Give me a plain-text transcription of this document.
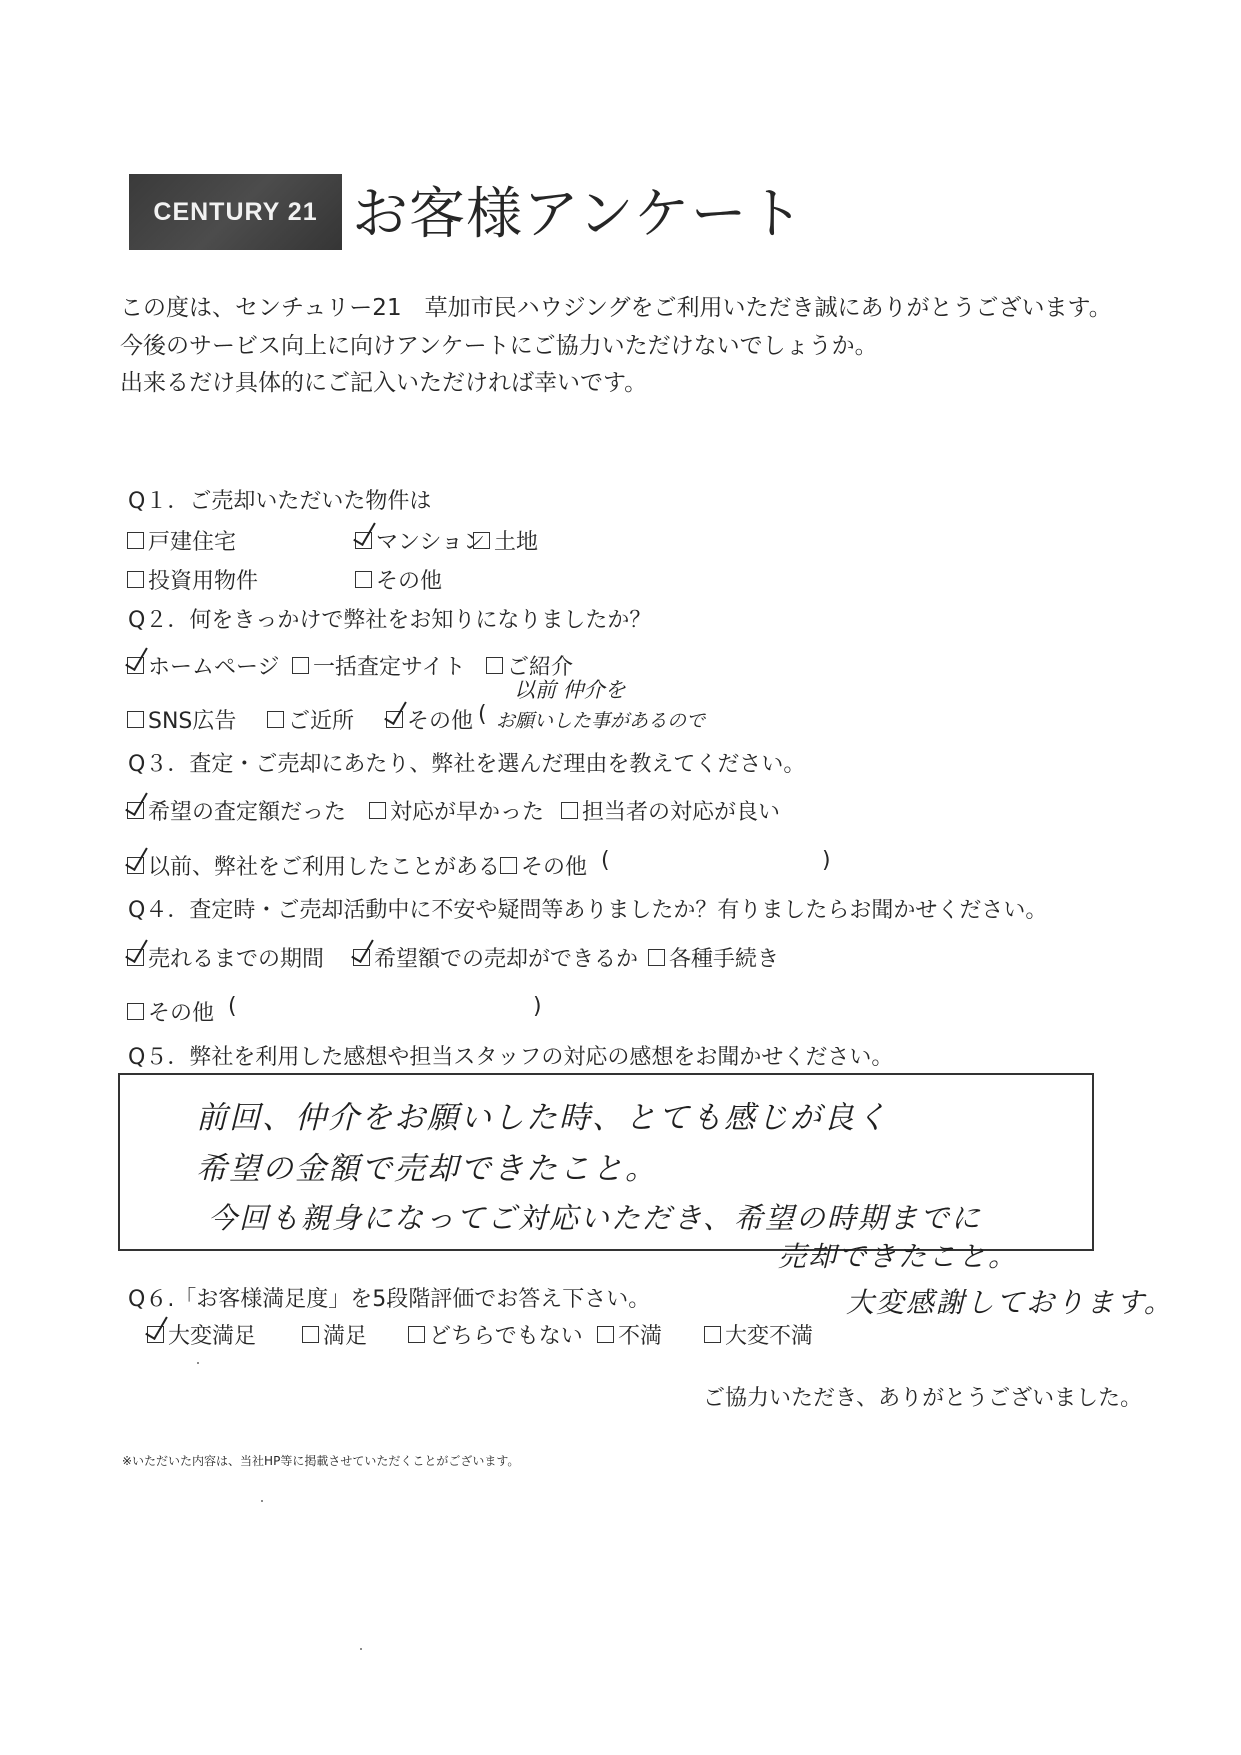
CENTURY 21 お客様アンケート
この度は、センチュリー21　草加市民ハウジングをご利用いただき誠にありがとうございます。
今後のサービス向上に向けアンケートにご協力いただけないでしょうか。
出来るだけ具体的にご記入いただければ幸いです。
Q１．ご売却いただいた物件は
戸建住宅	マンション 土地
投資用物件	その他
Q２．何をきっかけで弊社をお知りになりましたか？
ホームページ 一括査定サイト ご紹介
SNS広告 ご近所 その他 (
以前 仲介を
お願いした事があるので
Q３．査定・ご売却にあたり、弊社を選んだ理由を教えてください。
希望の査定額だった 対応が早かった 担当者の対応が良い
以前、弊社をご利用したことがある その他 (	)
Q４．査定時・ご売却活動中に不安や疑問等ありましたか？有りましたらお聞かせください。
売れるまでの期間 希望額での売却ができるか 各種手続き
その他 (	)
Q５．弊社を利用した感想や担当スタッフの対応の感想をお聞かせください。
前回、仲介をお願いした時、とても感じが良く
希望の金額で売却できたこと。
今回も親身になってご対応いただき、希望の時期までに
売却できたこと。
大変感謝しております。
Q６.「お客様満足度」を5段階評価でお答え下さい。
大変満足	満足	どちらでもない 不満	大変不満
ご協力いただき、ありがとうございました。
※いただいた内容は、当社HP等に掲載させていただくことがございます。
